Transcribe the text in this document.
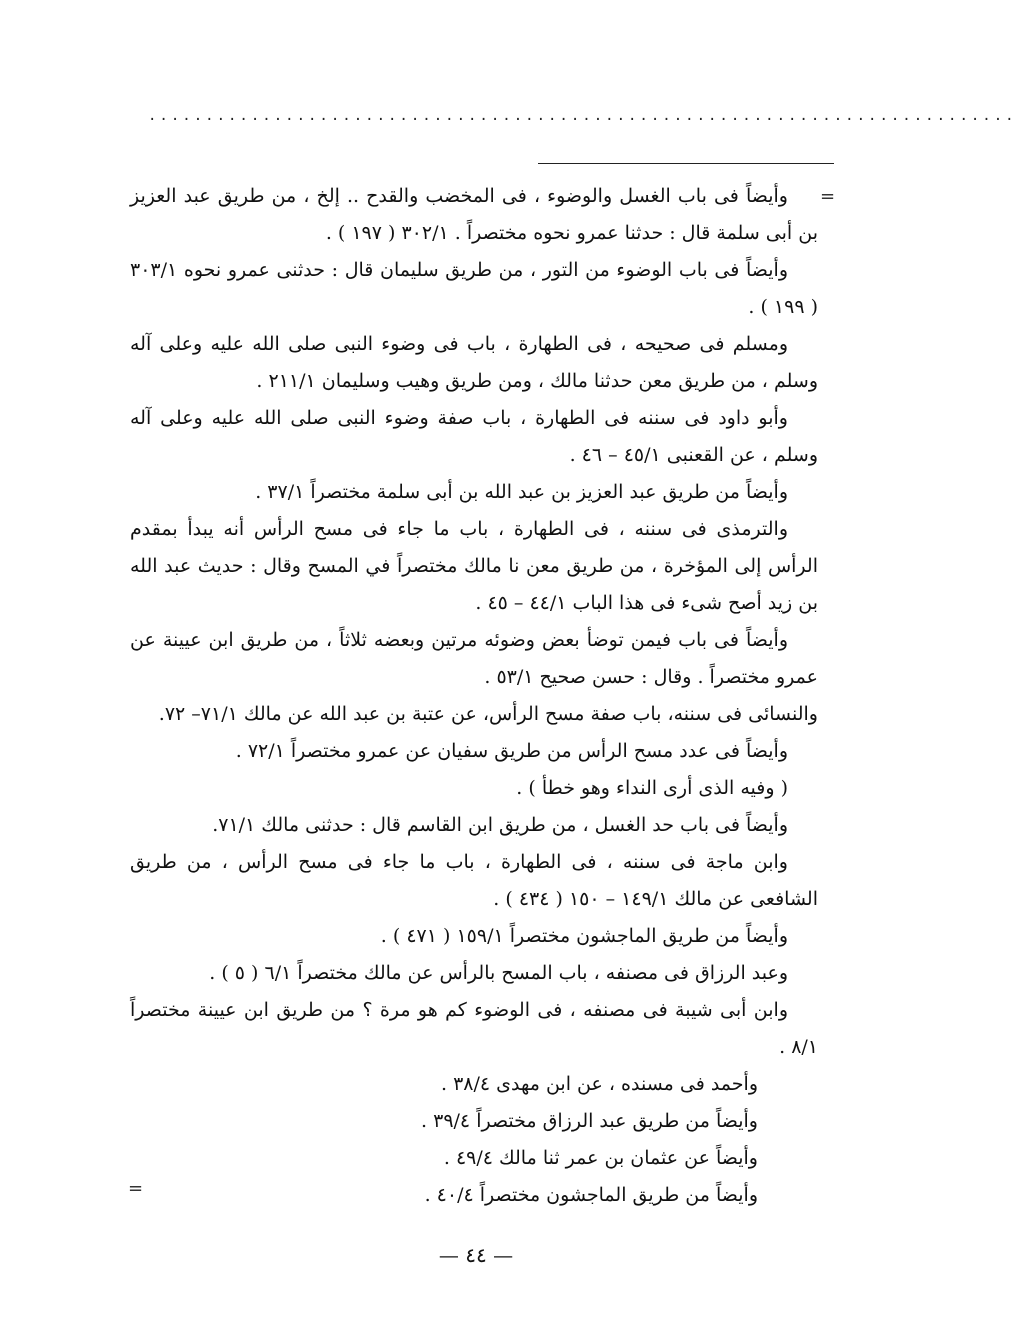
............................................................................
=
=

وأيضاً فى باب الغسل والوضوء ، فى المخضب والقدح .. إلخ ، من طريق عبد العزيز بن أبى سلمة قال : حدثنا عمرو نحوه مختصراً . ٣٠٢/١ ( ١٩٧ ) .

وأيضاً فى باب الوضوء من التور ، من طريق سليمان قال : حدثنى عمرو نحوه ٣٠٣/١ ( ١٩٩ ) .

ومسلم فى صحيحه ، فى الطهارة ، باب فى وضوء النبى صلى الله عليه وعلى آله وسلم ، من طريق معن حدثنا مالك ، ومن طريق وهيب وسليمان ٢١١/١ .

وأبو داود فى سننه فى الطهارة ، باب صفة وضوء النبى صلى الله عليه وعلى آله وسلم ، عن القعنبى ٤٥/١ – ٤٦ .

وأيضاً من طريق عبد العزيز بن عبد الله بن أبى سلمة مختصراً ٣٧/١ .

والترمذى فى سننه ، فى الطهارة ، باب ما جاء فى مسح الرأس أنه يبدأ بمقدم الرأس إلى المؤخرة ، من طريق معن نا مالك مختصراً في المسح وقال : حديث عبد الله بن زيد أصح شىء فى هذا الباب ٤٤/١ – ٤٥ .

وأيضاً فى باب فيمن توضأ بعض وضوئه مرتين وبعضه ثلاثاً ، من طريق ابن عيينة عن عمرو مختصراً . وقال : حسن صحيح ٥٣/١ .

والنسائى فى سننه، باب صفة مسح الرأس، عن عتبة بن عبد الله عن مالك ٧١/١– ٧٢.

وأيضاً فى عدد مسح الرأس من طريق سفيان عن عمرو مختصراً ٧٢/١ .

( وفيه الذى أرى النداء وهو خطأ ) .

وأيضاً فى باب حد الغسل ، من طريق ابن القاسم قال : حدثنى مالك ٧١/١.

وابن ماجة فى سننه ، فى الطهارة ، باب ما جاء فى مسح الرأس ، من طريق الشافعى عن مالك ١٤٩/١ – ١٥٠ ( ٤٣٤ ) .

وأيضاً من طريق الماجشون مختصراً ١٥٩/١ ( ٤٧١ ) .

وعبد الرزاق فى مصنفه ، باب المسح بالرأس عن مالك مختصراً ٦/١ ( ٥ ) .

وابن أبى شيبة فى مصنفه ، فى الوضوء كم هو مرة ؟ من طريق ابن عيينة مختصراً ٨/١ .

وأحمد فى مسنده ، عن ابن مهدى ٣٨/٤ .

وأيضاً من طريق عبد الرزاق مختصراً ٣٩/٤ .

وأيضاً عن عثمان بن عمر ثنا مالك ٤٩/٤ .

وأيضاً من طريق الماجشون مختصراً ٤٠/٤ .

— ٤٤ —
